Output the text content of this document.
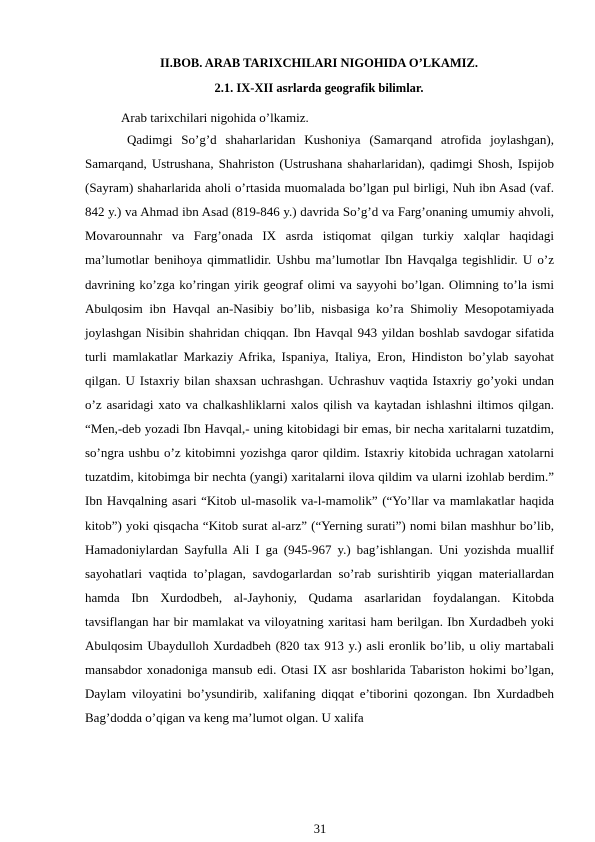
II.BOB. ARAB TARIXCHILARI NIGOHIDA O’LKAMIZ.
2.1. IX-XII asrlarda geografik bilimlar.
Arab tarixchilari nigohida o’lkamiz.

Qadimgi So’g’d shaharlaridan Kushoniya (Samarqand atrofida joylashgan), Samarqand, Ustrushana, Shahriston (Ustrushana shaharlaridan), qadimgi Shosh, Ispijob (Sayram) shaharlarida aholi o’rtasida muomalada bo’lgan pul birligi, Nuh ibn Asad (vaf. 842 y.) va Ahmad ibn Asad (819-846 y.) davrida So’g’d va Farg’onaning umumiy ahvoli, Movarounnahr va Farg’onada IX asrda istiqomat qilgan turkiy xalqlar haqidagi ma’lumotlar benihoya qimmatlidir. Ushbu ma’lumotlar Ibn Havqalga tegishlidir. U o’z davrining ko’zga ko’ringan yirik geograf olimi va sayyohi bo’lgan. Olimning to’la ismi Abulqosim ibn Havqal an-Nasibiy bo’lib, nisbasiga ko’ra Shimoliy Mesopotamiyada joylashgan Nisibin shahridan chiqqan. Ibn Havqal 943 yildan boshlab savdogar sifatida turli mamlakatlar Markaziy Afrika, Ispaniya, Italiya, Eron, Hindiston bo’ylab sayohat qilgan. U Istaxriy bilan shaxsan uchrashgan. Uchrashuv vaqtida Istaxriy go’yoki undan o’z asaridagi xato va chalkashliklarni xalos qilish va kaytadan ishlashni iltimos qilgan. “Men,-deb yozadi Ibn Havqal,- uning kitobidagi bir emas, bir necha xaritalarni tuzatdim, so’ngra ushbu o’z kitobimni yozishga qaror qildim. Istaxriy kitobida uchragan xatolarni tuzatdim, kitobimga bir nechta (yangi) xaritalarni ilova qildim va ularni izohlab berdim.” Ibn Havqalning asari “Kitob ul-masolik va-l-mamolik” (“Yo’llar va mamlakatlar haqida kitob”) yoki qisqacha “Kitob surat al-arz” (“Yerning surati”) nomi bilan mashhur bo’lib, Hamadoniylardan Sayfulla Ali I ga (945-967 y.) bag’ishlangan. Uni yozishda muallif sayohatlari vaqtida to’plagan, savdogarlardan so’rab surishtirib yiqgan materiallardan hamda Ibn Xurdodbeh, al-Jayhoniy, Qudama asarlaridan foydalangan. Kitobda tavsiflangan har bir mamlakat va viloyatning xaritasi ham berilgan. Ibn Xurdadbeh yoki Abulqosim Ubaydulloh Xurdadbeh (820 tax 913 y.) asli eronlik bo’lib, u oliy martabali mansabdor xonadoniga mansub edi. Otasi IX asr boshlarida Tabariston hokimi bo’lgan, Daylam viloyatini bo’ysundirib, xalifaning diqqat e’tiborini qozongan. Ibn Xurdadbeh Bag’dodda o’qigan va keng ma’lumot olgan. U xalifa

31
